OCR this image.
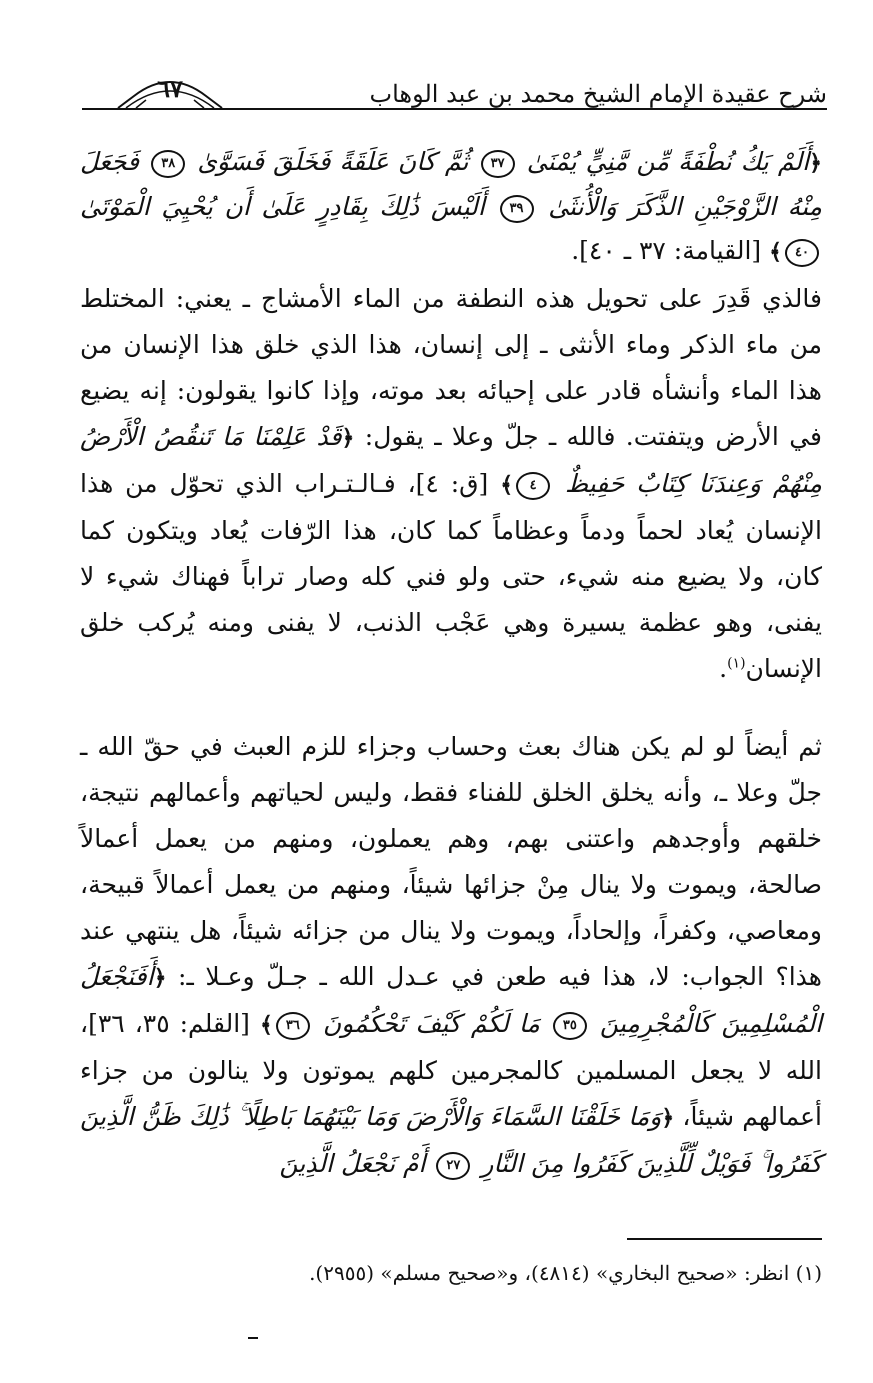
شرح عقيدة الإمام الشيخ محمد بن عبد الوهاب
٦٧
﴿أَلَمْ يَكُ نُطْفَةً مِّن مَّنِيٍّ يُمْنَىٰ ٣٧ ثُمَّ كَانَ عَلَقَةً فَخَلَقَ فَسَوَّىٰ ٣٨ فَجَعَلَ مِنْهُ الزَّوْجَيْنِ الذَّكَرَ وَالْأُنثَىٰ ٣٩ أَلَيْسَ ذَٰلِكَ بِقَادِرٍ عَلَىٰ أَن يُحْيِيَ الْمَوْتَىٰ ٤٠﴾ [القيامة: ٣٧ ـ ٤٠].
فالذي قَدِرَ على تحويل هذه النطفة من الماء الأمشاج ـ يعني: المختلط من ماء الذكر وماء الأنثى ـ إلى إنسان، هذا الذي خلق هذا الإنسان من هذا الماء وأنشأه قادر على إحيائه بعد موته، وإذا كانوا يقولون: إنه يضيع في الأرض ويتفتت. فالله ـ جلّ وعلا ـ يقول: ﴿قَدْ عَلِمْنَا مَا تَنقُصُ الْأَرْضُ مِنْهُمْ وَعِندَنَا كِتَابٌ حَفِيظٌ ٤﴾ [ق: ٤]، فـالـتـراب الذي تحوّل من هذا الإنسان يُعاد لحماً ودماً وعظاماً كما كان، هذا الرّفات يُعاد ويتكون كما كان، ولا يضيع منه شيء، حتى ولو فني كله وصار تراباً فهناك شيء لا يفنى، وهو عظمة يسيرة وهي عَجْب الذنب، لا يفنى ومنه يُركب خلق الإنسان$^{(١)}$.
ثم أيضاً لو لم يكن هناك بعث وحساب وجزاء للزم العبث في حقّ الله ـ جلّ وعلا ـ، وأنه يخلق الخلق للفناء فقط، وليس لحياتهم وأعمالهم نتيجة، خلقهم وأوجدهم واعتنى بهم، وهم يعملون، ومنهم من يعمل أعمالاً صالحة، ويموت ولا ينال مِنْ جزائها شيئاً، ومنهم من يعمل أعمالاً قبيحة، ومعاصي، وكفراً، وإلحاداً، ويموت ولا ينال من جزائه شيئاً، هل ينتهي عند هذا؟ الجواب: لا، هذا فيه طعن في عـدل الله ـ جـلّ وعـلا ـ: ﴿أَفَنَجْعَلُ الْمُسْلِمِينَ كَالْمُجْرِمِينَ ٣٥ مَا لَكُمْ كَيْفَ تَحْكُمُونَ ٣٦﴾ [القلم: ٣٥، ٣٦]، الله لا يجعل المسلمين كالمجرمين كلهم يموتون ولا ينالون من جزاء أعمالهم شيئاً، ﴿وَمَا خَلَقْنَا السَّمَاءَ وَالْأَرْضَ وَمَا بَيْنَهُمَا بَاطِلًا ۚ ذَٰلِكَ ظَنُّ الَّذِينَ كَفَرُوا ۚ فَوَيْلٌ لِّلَّذِينَ كَفَرُوا مِنَ النَّارِ ٢٧ أَمْ نَجْعَلُ الَّذِينَ
(١) انظر: «صحيح البخاري» (٤٨١٤)، و«صحيح مسلم» (٢٩٥٥).
